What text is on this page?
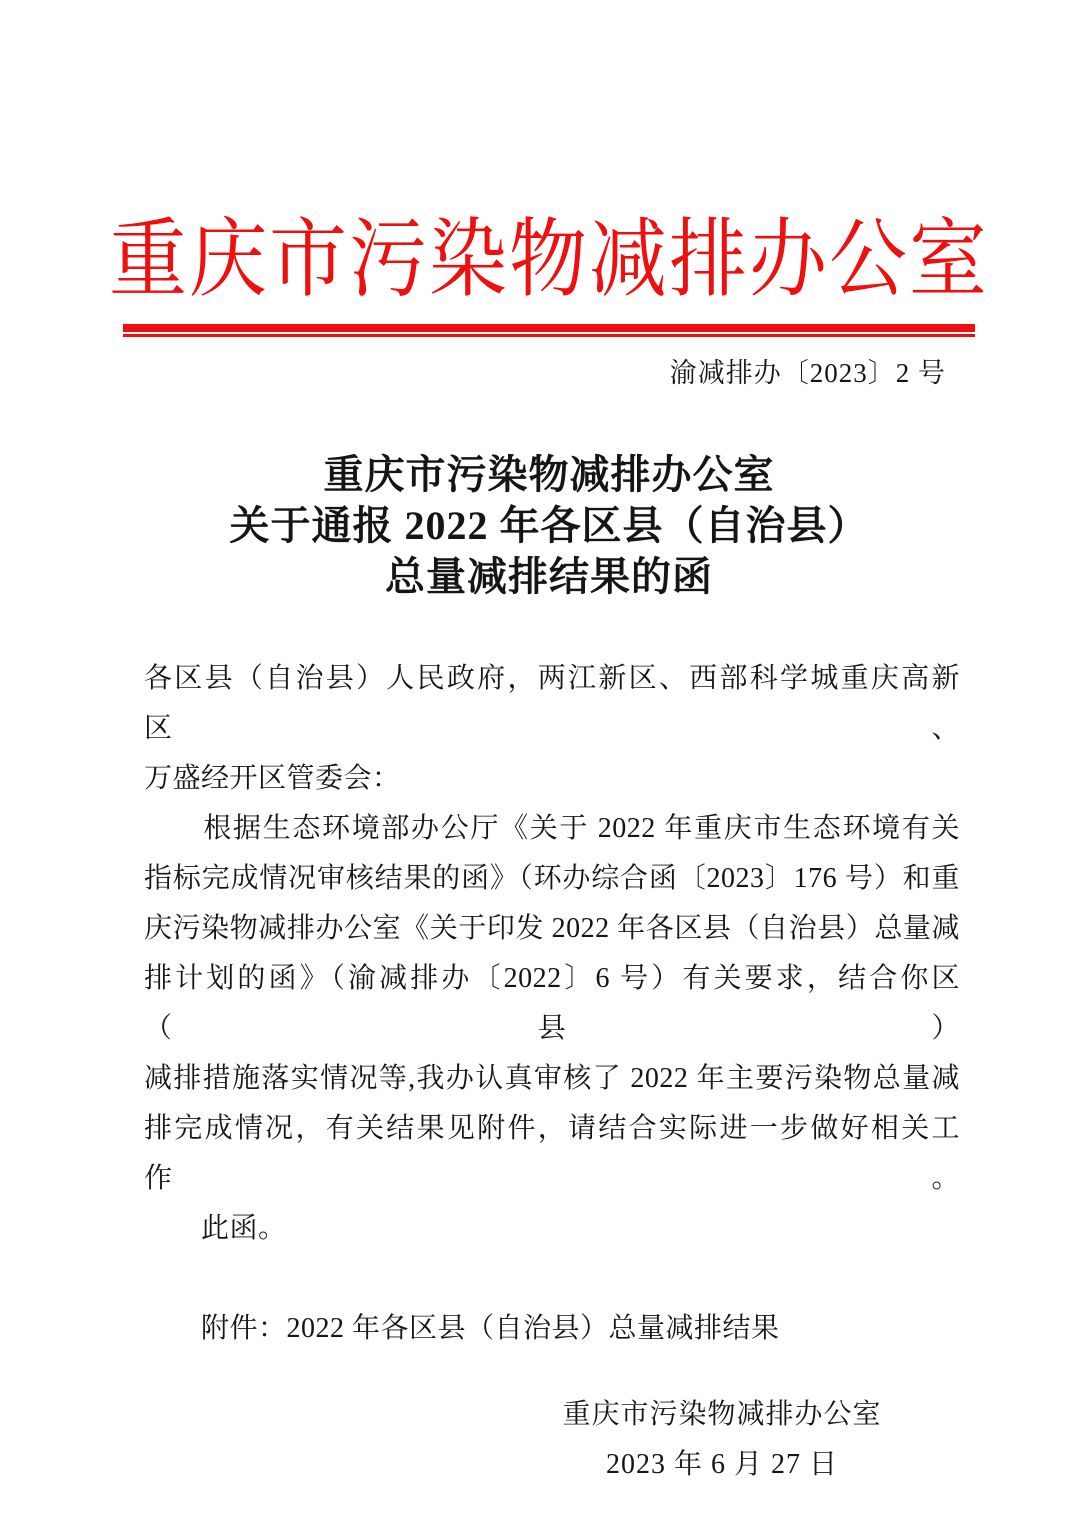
重庆市污染物减排办公室
渝减排办〔2023〕2 号
重庆市污染物减排办公室
关于通报 2022 年各区县（自治县）
总量减排结果的函
各区县（自治县）人民政府，两江新区、西部科学城重庆高新区、
万盛经开区管委会：
　　根据生态环境部办公厅《关于 2022 年重庆市生态环境有关
指标完成情况审核结果的函》（环办综合函〔2023〕176 号）和重
庆污染物减排办公室《关于印发 2022 年各区县（自治县）总量减
排计划的函》（渝减排办〔2022〕6 号）有关要求，结合你区（县）
减排措施落实情况等,我办认真审核了 2022 年主要污染物总量减
排完成情况，有关结果见附件，请结合实际进一步做好相关工作。
　　此函。
　　附件：2022 年各区县（自治县）总量减排结果
重庆市污染物减排办公室
2023 年 6 月 27 日
